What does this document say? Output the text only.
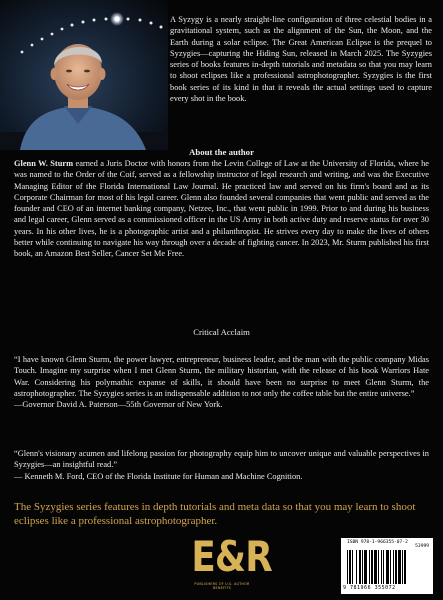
A Syzygy is a nearly straight-line configuration of three celestial bodies in a gravitational system, such as the alignment of the Sun, the Moon, and the Earth during a solar eclipse. The Great American Eclipse is the prequel to Syzygies—capturing the Hiding Sun, released in March 2025. The Syzygies series of books features in-depth tutorials and metadata so that you may learn to shoot eclipses like a professional astrophotographer. Syzygies is the first book series of its kind in that it reveals the actual settings used to capture every shot in the book.

About the author

Glenn W. Sturm earned a Juris Doctor with honors from the Levin College of Law at the University of Florida, where he was named to the Order of the Coif, served as a fellowship instructor of legal research and writing, and was the Executive Managing Editor of the Florida International Law Journal. He practiced law and served on his firm's board and as its Corporate Chairman for most of his legal career. Glenn also founded several companies that went public and served as the founder and CEO of an internet banking company, Netzee, Inc., that went public in 1999. Prior to and during his business and legal career, Glenn served as a commissioned officer in the US Army in both active duty and reserve status for over 30 years. In his other lives, he is a photographic artist and a philanthropist. He strives every day to make the lives of others better while continuing to navigate his way through over a decade of fighting cancer. In 2023, Mr. Sturm published his first book, an Amazon Best Seller, Cancer Set Me Free.

Critical Acclaim

“I have known Glenn Sturm, the power lawyer, entrepreneur, business leader, and the man with the public company Midas Touch. Imagine my surprise when I met Glenn Sturm, the military historian, with the release of his book Warriors Hate War. Considering his polymathic expanse of skills, it should have been no surprise to meet Glenn Sturm, the astrophotographer. The Syzygies series is an indispensable addition to not only the coffee table but the entire universe.”
—Governor David A. Paterson—55th Governor of New York.

“Glenn's visionary acumen and lifelong passion for photography equip him to uncover unique and valuable perspectives in Syzygies—an insightful read.”
— Kenneth M. Ford, CEO of the Florida Institute for Human and Machine Cognition.

The Syzygies series features in depth tutorials and meta data so that you may learn to shoot eclipses like a professional astrophotographer.

E&R
PUBLISHERS OF U.S. AUTHOR BENEFITS
ISBN 978-1-966355-07-2
53999
9 781966 355072
